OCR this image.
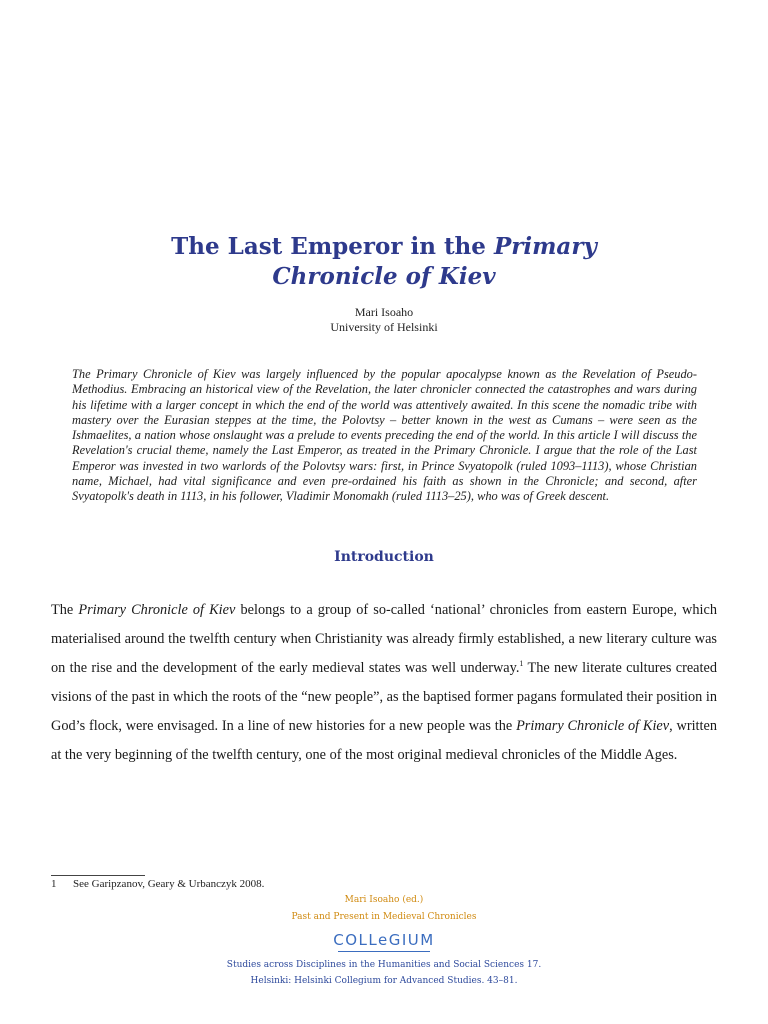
The Last Emperor in the Primary
Chronicle of Kiev
Mari Isoaho
University of Helsinki

The Primary Chronicle of Kiev was largely influenced by the popular apocalypse known as the Revelation of Pseudo-Methodius. Embracing an historical view of the Revelation, the later chronicler connected the catastrophes and wars during his lifetime with a larger concept in which the end of the world was attentively awaited. In this scene the nomadic tribe with mastery over the Eurasian steppes at the time, the Polovtsy – better known in the west as Cumans – were seen as the Ishmaelites, a nation whose onslaught was a prelude to events preceding the end of the world. In this article I will discuss the Revelation's crucial theme, namely the Last Emperor, as treated in the Primary Chronicle. I argue that the role of the Last Emperor was invested in two warlords of the Polovtsy wars: first, in Prince Svyatopolk (ruled 1093–1113), whose Christian name, Michael, had vital significance and even pre-ordained his faith as shown in the Chronicle; and second, after Svyatopolk's death in 1113, in his follower, Vladimir Monomakh (ruled 1113–25), who was of Greek descent.

Introduction

The Primary Chronicle of Kiev belongs to a group of so-called ‘national’ chronicles from eastern Europe, which materialised around the twelfth century when Christianity was already firmly established, a new literary culture was on the rise and the development of the early medieval states was well underway.$^1$ The new literate cultures created visions of the past in which the roots of the “new people”, as the baptised former pagans formulated their position in God’s flock, were envisaged. In a line of new histories for a new people was the Primary Chronicle of Kiev, written at the very beginning of the twelfth century, one of the most original medieval chronicles of the Middle Ages.

1 See Garipzanov, Geary & Urbanczyk 2008.
Mari Isoaho (ed.)
Past and Present in Medieval Chronicles
COLLeGIUM
Studies across Disciplines in the Humanities and Social Sciences 17.
Helsinki: Helsinki Collegium for Advanced Studies. 43–81.
